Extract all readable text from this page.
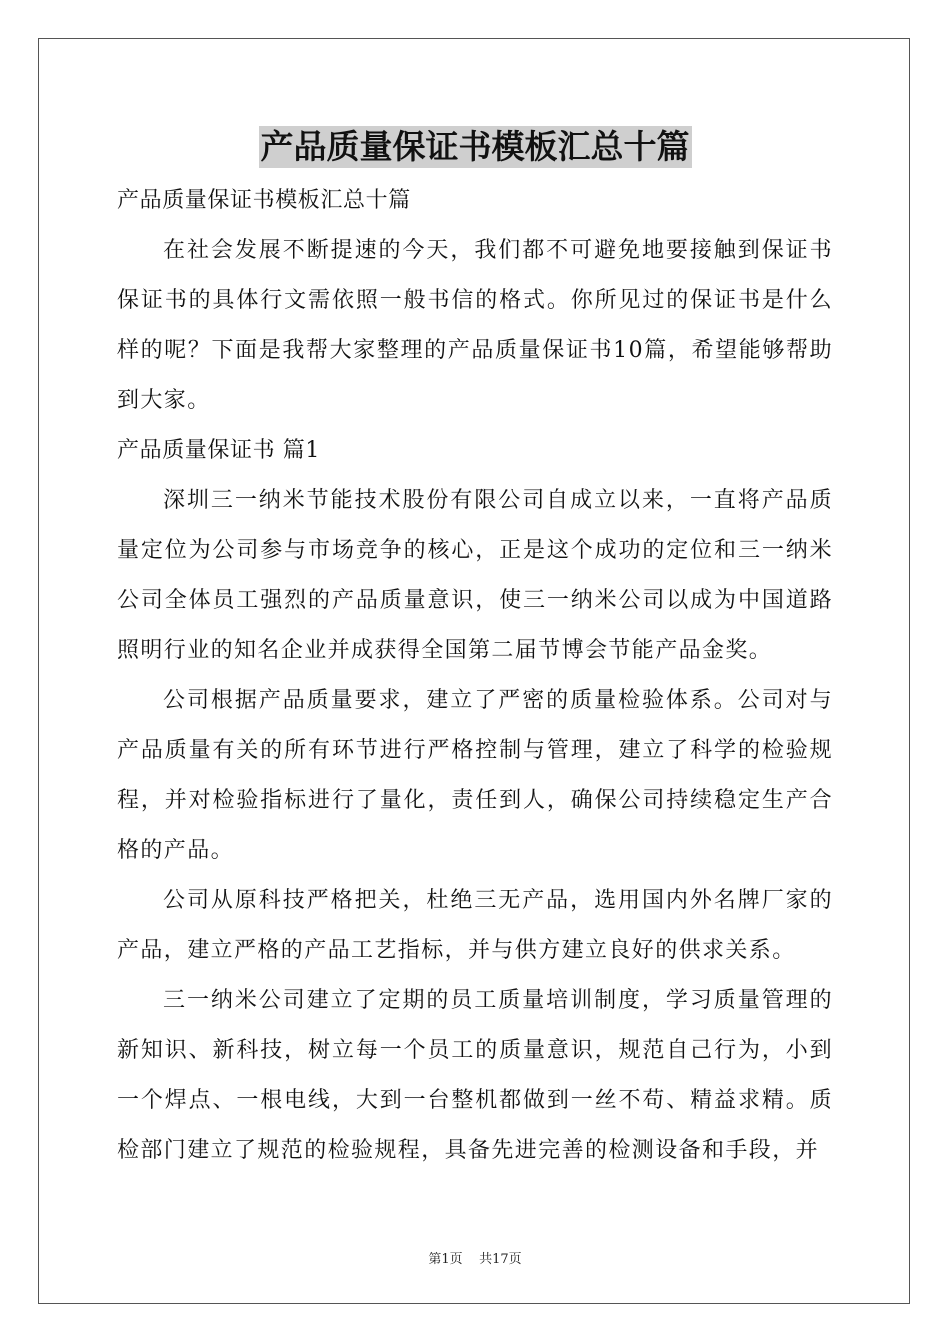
产品质量保证书模板汇总十篇

产品质量保证书模板汇总十篇

在社会发展不断提速的今天，我们都不可避免地要接触到保证书保证书的具体行文需依照一般书信的格式。你所见过的保证书是什么样的呢？下面是我帮大家整理的产品质量保证书10篇，希望能够帮助到大家。

产品质量保证书 篇1

深圳三一纳米节能技术股份有限公司自成立以来，一直将产品质量定位为公司参与市场竞争的核心，正是这个成功的定位和三一纳米公司全体员工强烈的产品质量意识，使三一纳米公司以成为中国道路照明行业的知名企业并成获得全国第二届节博会节能产品金奖。

公司根据产品质量要求，建立了严密的质量检验体系。公司对与产品质量有关的所有环节进行严格控制与管理，建立了科学的检验规程，并对检验指标进行了量化，责任到人，确保公司持续稳定生产合格的产品。

公司从原科技严格把关，杜绝三无产品，选用国内外名牌厂家的产品，建立严格的产品工艺指标，并与供方建立良好的供求关系。

三一纳米公司建立了定期的员工质量培训制度，学习质量管理的新知识、新科技，树立每一个员工的质量意识，规范自己行为，小到一个焊点、一根电线，大到一台整机都做到一丝不苟、精益求精。质检部门建立了规范的检验规程，具备先进完善的检测设备和手段，并

第1页 共17页
